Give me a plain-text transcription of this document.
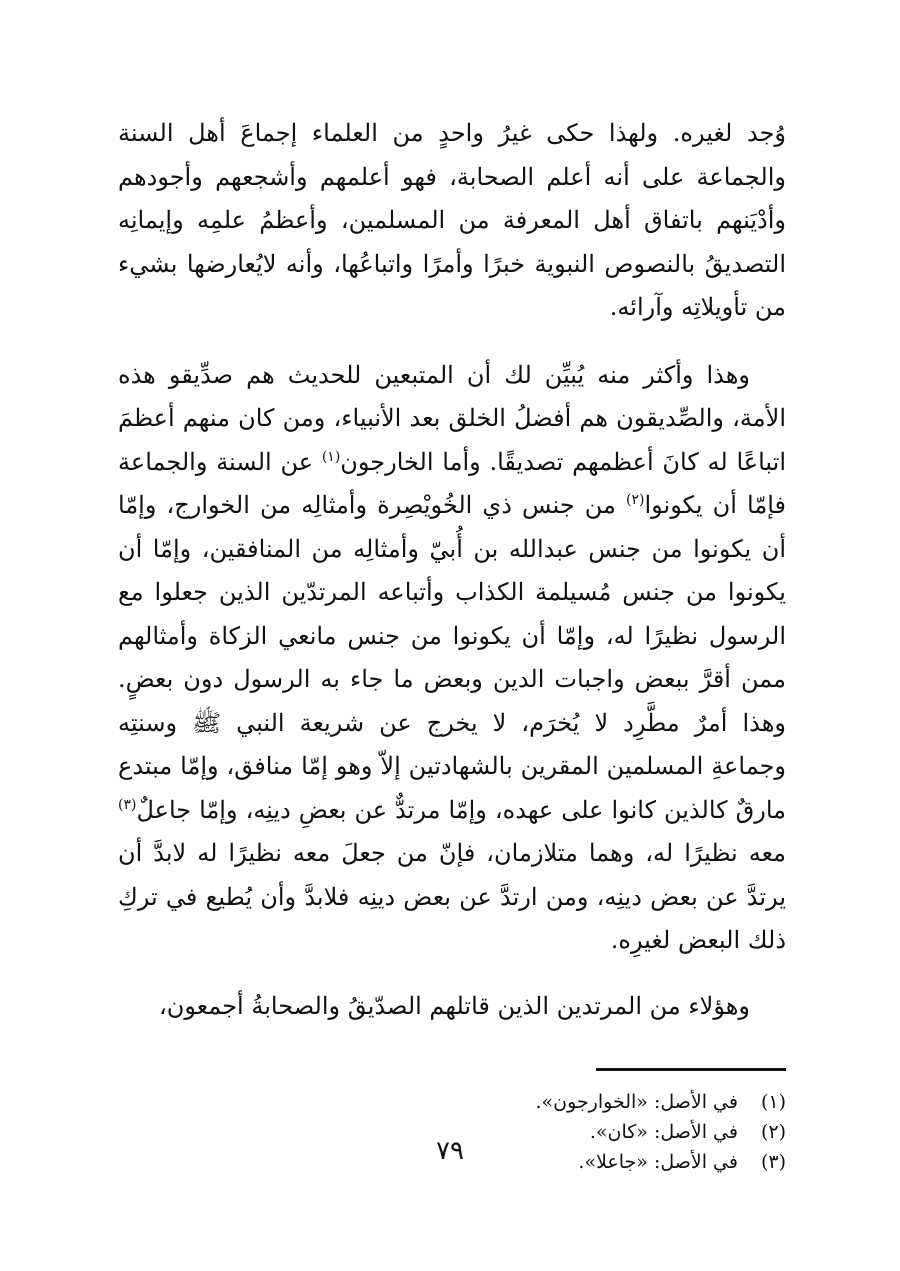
وُجد لغيره. ولهذا حكى غيرُ واحدٍ من العلماء إجماعَ أهل السنة والجماعة على أنه أعلم الصحابة، فهو أعلمهم وأشجعهم وأجودهم وأدْيَنهم باتفاق أهل المعرفة من المسلمين، وأعظمُ علمِه وإيمانِه التصديقُ بالنصوص النبوية خبرًا وأمرًا واتباعُها، وأنه لايُعارضها بشيء من تأويلاتِه وآرائه.

وهذا وأكثر منه يُبيِّن لك أن المتبعين للحديث هم صدِّيقو هذه الأمة، والصِّديقون هم أفضلُ الخلق بعد الأنبياء، ومن كان منهم أعظمَ اتباعًا له كانَ أعظمهم تصديقًا. وأما الخارجون$^{(١)}$ عن السنة والجماعة فإمّا أن يكونوا$^{(٢)}$ من جنس ذي الخُويْصِرة وأمثالِه من الخوارج، وإمّا أن يكونوا من جنس عبدالله بن أُبيّ وأمثالِه من المنافقين، وإمّا أن يكونوا من جنس مُسيلمة الكذاب وأتباعه المرتدّين الذين جعلوا مع الرسول نظيرًا له، وإمّا أن يكونوا من جنس مانعي الزكاة وأمثالهم ممن أقرَّ ببعض واجبات الدين وبعض ما جاء به الرسول دون بعضٍ. وهذا أمرٌ مطَّرِد لا يُخرَم، لا يخرج عن شريعة النبي ﷺ وسنتِه وجماعةِ المسلمين المقرين بالشهادتين إلاّ وهو إمّا منافق، وإمّا مبتدع مارقٌ كالذين كانوا على عهده، وإمّا مرتدٌّ عن بعضِ دينِه، وإمّا جاعلٌ$^{(٣)}$ معه نظيرًا له، وهما متلازمان، فإنّ من جعلَ معه نظيرًا له لابدَّ أن يرتدَّ عن بعض دينِه، ومن ارتدَّ عن بعض دينِه فلابدَّ وأن يُطيع في تركِ ذلك البعض لغيرِه.

وهؤلاء من المرتدين الذين قاتلهم الصدّيقُ والصحابةُ أجمعون،

(١) في الأصل: «الخوارجون».
(٢) في الأصل: «كان».
(٣) في الأصل: «جاعلا».
٧٩
